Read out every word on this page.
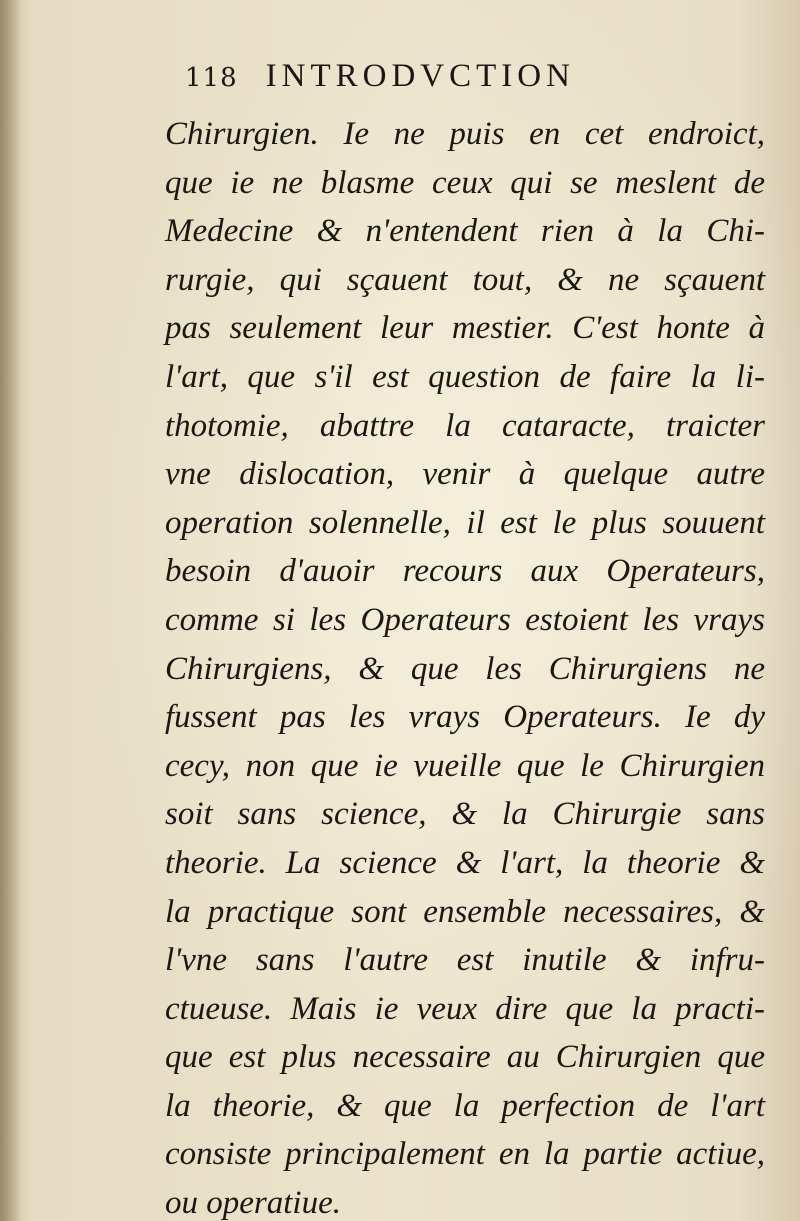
118 INTRODVCTION
Chirurgien. Ie ne puis en cet endroict,
que ie ne blasme ceux qui se meslent de
Medecine & n'entendent rien à la Chi-
rurgie, qui sçauent tout, & ne sçauent
pas seulement leur mestier. C'est honte à
l'art, que s'il est question de faire la li-
thotomie, abattre la cataracte, traicter
vne dislocation, venir à quelque autre
operation solennelle, il est le plus souuent
besoin d'auoir recours aux Operateurs,
comme si les Operateurs estoient les vrays
Chirurgiens, & que les Chirurgiens ne
fussent pas les vrays Operateurs. Ie dy
cecy, non que ie vueille que le Chirurgien
soit sans science, & la Chirurgie sans
theorie. La science & l'art, la theorie &
la practique sont ensemble necessaires, &
l'vne sans l'autre est inutile & infru-
ctueuse. Mais ie veux dire que la practi-
que est plus necessaire au Chirurgien que
la theorie, & que la perfection de l'art
consiste principalement en la partie actiue,
ou operatiue.
